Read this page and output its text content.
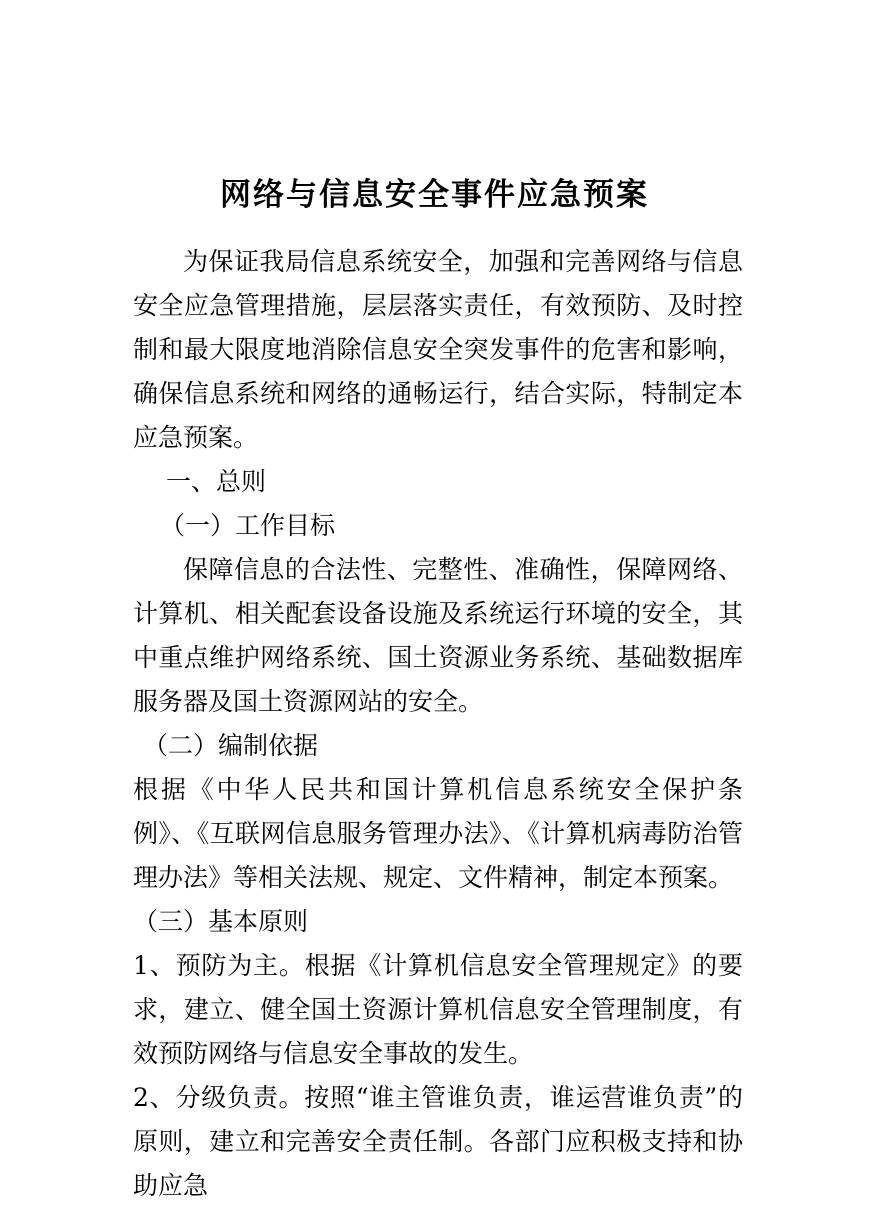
网络与信息安全事件应急预案

为保证我局信息系统安全，加强和完善网络与信息安全应急管理措施，层层落实责任，有效预防、及时控制和最大限度地消除信息安全突发事件的危害和影响，确保信息系统和网络的通畅运行，结合实际，特制定本应急预案。

一、总则

（一）工作目标

保障信息的合法性、完整性、准确性，保障网络、计算机、相关配套设备设施及系统运行环境的安全，其中重点维护网络系统、国土资源业务系统、基础数据库服务器及国土资源网站的安全。

（二）编制依据

根据《中华人民共和国计算机信息系统安全保护条例》、《互联网信息服务管理办法》、《计算机病毒防治管理办法》等相关法规、规定、文件精神，制定本预案。

（三）基本原则

1、预防为主。根据《计算机信息安全管理规定》的要求，建立、健全国土资源计算机信息安全管理制度，有效预防网络与信息安全事故的发生。

2、分级负责。按照“谁主管谁负责，谁运营谁负责”的原则，建立和完善安全责任制。各部门应积极支持和协助应急
